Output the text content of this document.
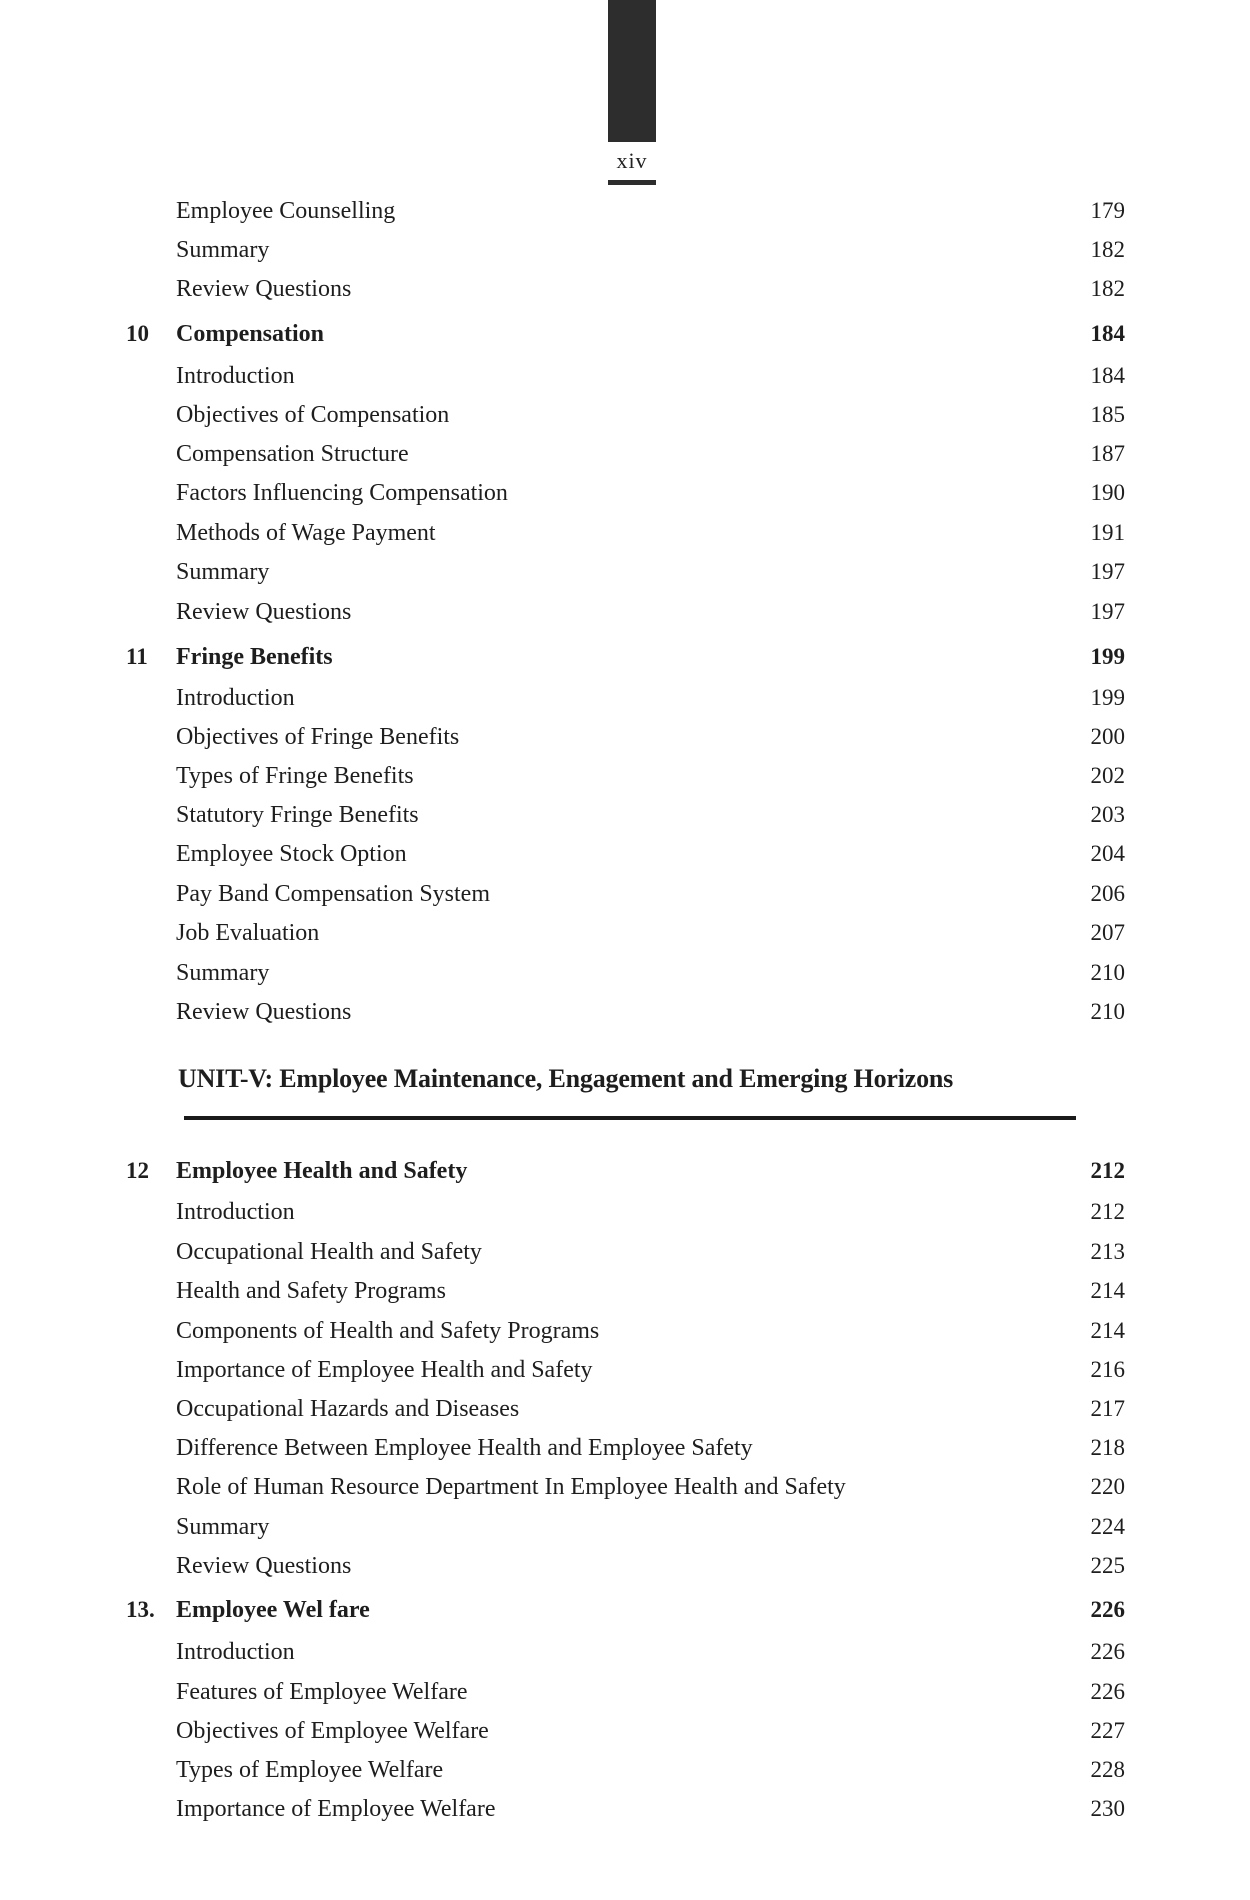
xiv
Employee Counselling	179
Summary	182
Review Questions	182
10 Compensation	184
Introduction	184
Objectives of Compensation	185
Compensation Structure	187
Factors Influencing Compensation	190
Methods of Wage Payment	191
Summary	197
Review Questions	197
11 Fringe Benefits	199
Introduction	199
Objectives of Fringe Benefits	200
Types of Fringe Benefits	202
Statutory Fringe Benefits	203
Employee Stock Option	204
Pay Band Compensation System	206
Job Evaluation	207
Summary	210
Review Questions	210
UNIT-V: Employee Maintenance, Engagement and Emerging Horizons
12 Employee Health and Safety	212
Introduction	212
Occupational Health and Safety	213
Health and Safety Programs	214
Components of Health and Safety Programs	214
Importance of Employee Health and Safety	216
Occupational Hazards and Diseases	217
Difference Between Employee Health and Employee Safety	218
Role of Human Resource Department In Employee Health and Safety	220
Summary	224
Review Questions	225
13. Employee Wel fare	226
Introduction	226
Features of Employee Welfare	226
Objectives of Employee Welfare	227
Types of Employee Welfare	228
Importance of Employee Welfare	230
